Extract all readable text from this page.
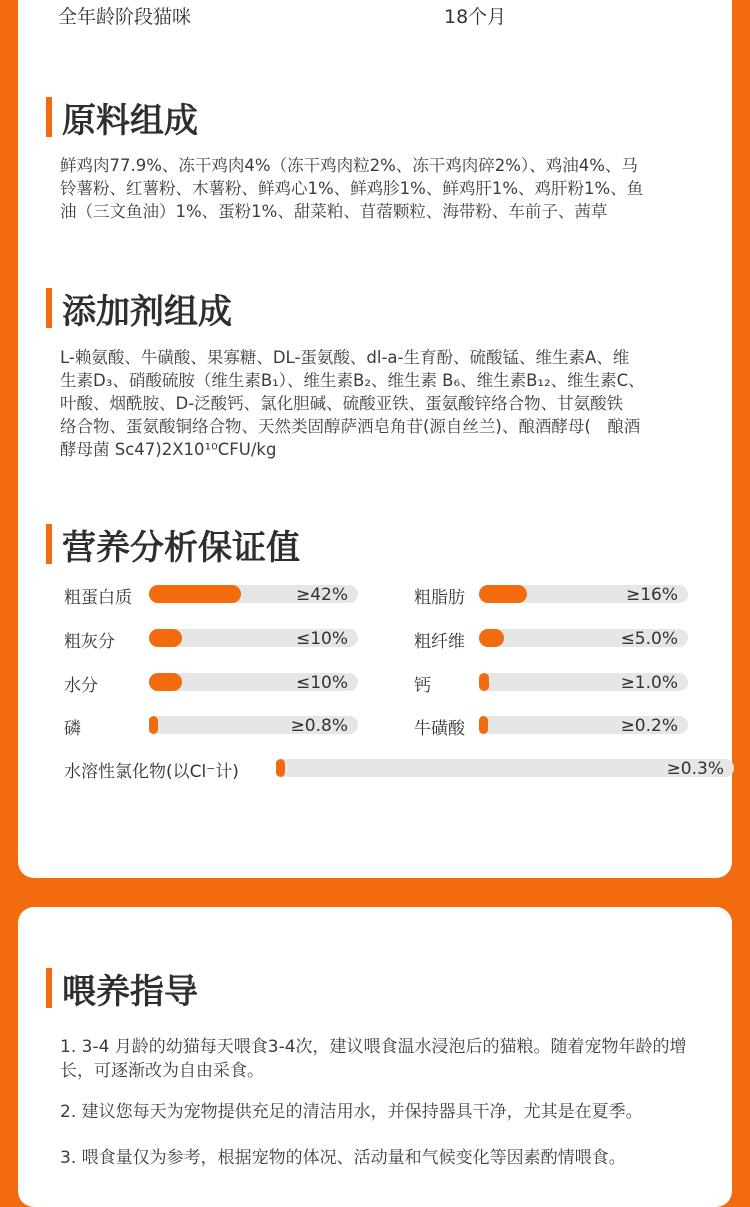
全年龄阶段猫咪	18个月
原料组成
鲜鸡肉77.9%、冻干鸡肉4%（冻干鸡肉粒2%、冻干鸡肉碎2%）、鸡油4%、马
铃薯粉、红薯粉、木薯粉、鲜鸡心1%、鲜鸡胗1%、鲜鸡肝1%、鸡肝粉1%、鱼
油（三文鱼油）1%、蛋粉1%、甜菜粕、苜蓿颗粒、海带粉、车前子、茜草
添加剂组成
L-赖氨酸、牛磺酸、果寡糖、DL-蛋氨酸、dl-a-生育酚、硫酸锰、维生素A、维
生素D₃、硝酸硫胺（维生素B₁）、维生素B₂、维生素 B₆、维生素B₁₂、维生素C、
叶酸、烟酰胺、D-泛酸钙、氯化胆碱、硫酸亚铁、蛋氨酸锌络合物、甘氨酸铁
络合物、蛋氨酸铜络合物、天然类固醇萨洒皂角苷(源自丝兰)、酿酒酵母(　酿酒
酵母菌 Sc47)2X10¹⁰CFU/kg
营养分析保证值
粗蛋白质	≥42%	粗脂肪	≥16%
粗灰分	≤10%	粗纤维	≤5.0%
水分	≤10%	钙	≥1.0%
磷	≥0.8%	牛磺酸	≥0.2%
水溶性氯化物(以Cl⁻计)	≥0.3%
喂养指导
1. 3-4 月龄的幼猫每天喂食3-4次，建议喂食温水浸泡后的猫粮。随着宠物年龄的增长，可逐渐改为自由采食。
2. 建议您每天为宠物提供充足的清洁用水，并保持器具干净，尤其是在夏季。
3. 喂食量仅为参考，根据宠物的体况、活动量和气候变化等因素酌情喂食。
